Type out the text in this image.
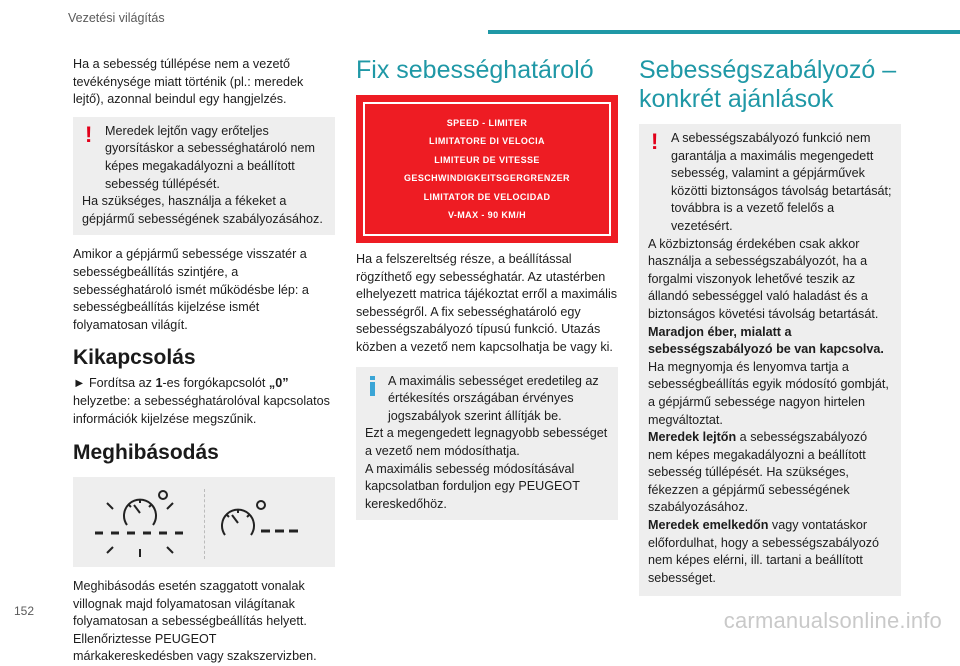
Vezetési világítás

Ha a sebesség túllépése nem a vezető tevékénysége miatt történik (pl.: meredek lejtő), azonnal beindul egy hangjelzés.

!	Meredek lejtőn vagy erőteljes gyorsításkor a sebességhatároló nem képes megakadályozni a beállított sebesség túllépését.

Ha szükséges, használja a fékeket a gépjármű sebességének szabályozásához.

Amikor a gépjármű sebessége visszatér a sebességbeállítás szintjére, a sebességhatároló ismét működésbe lép: a sebességbeállítás kijelzése ismét folyamatosan világít.

Kikapcsolás

► Fordítsa az 1-es forgókapcsolót „0” helyzetbe: a sebességhatárolóval kapcsolatos információk kijelzése megszűnik.

Meghibásodás

Meghibásodás esetén szaggatott vonalak villognak majd folyamatosan világítanak folyamatosan a sebességbeállítás helyett. Ellenőriztesse PEUGEOT márkakereskedésben vagy szakszervizben.

Fix sebességhatároló
SPEED - LIMITER
LIMITATORE DI VELOCIA
LIMITEUR DE VITESSE
GESCHWINDIGKEITSGERGRENZER
LIMITATOR DE VELOCIDAD
V-MAX - 90 KM/H

Ha a felszereltség része, a beállítással rögzíthető egy sebességhatár. Az utastérben elhelyezett matrica tájékoztat erről a maximális sebességről. A fix sebességhatároló egy sebességszabályozó típusú funkció. Utazás közben a vezető nem kapcsolhatja be vagy ki.

A maximális sebességet eredetileg az értékesítés országában érvényes jogszabályok szerint állítják be.

Ezt a megengedett legnagyobb sebességet a vezető nem módosíthatja.

A maximális sebesség módosításával kapcsolatban forduljon egy PEUGEOT kereskedőhöz.

Sebességszabályozó – konkrét ajánlások
!	A sebességszabályozó funkció nem garantálja a maximális megengedett sebesség, valamint a gépjárművek közötti biztonságos távolság betartását; továbbra is a vezető felelős a vezetésért.

A közbiztonság érdekében csak akkor használja a sebességszabályozót, ha a forgalmi viszonyok lehetővé teszik az állandó sebességgel való haladást és a biztonságos követési távolság betartását.

Maradjon éber, mialatt a sebességszabályozó be van kapcsolva.

Ha megnyomja és lenyomva tartja a sebességbeállítás egyik módosító gombját, a gépjármű sebessége nagyon hirtelen megváltoztat.

Meredek lejtőn a sebességszabályozó nem képes megakadályozni a beállított sebesség túllépését. Ha szükséges, fékezzen a gépjármű sebességének szabályozásához.

Meredek emelkedőn vagy vontatáskor előfordulhat, hogy a sebességszabályozó nem képes elérni, ill. tartani a beállított sebességet.

152	carmanualsonline.info
